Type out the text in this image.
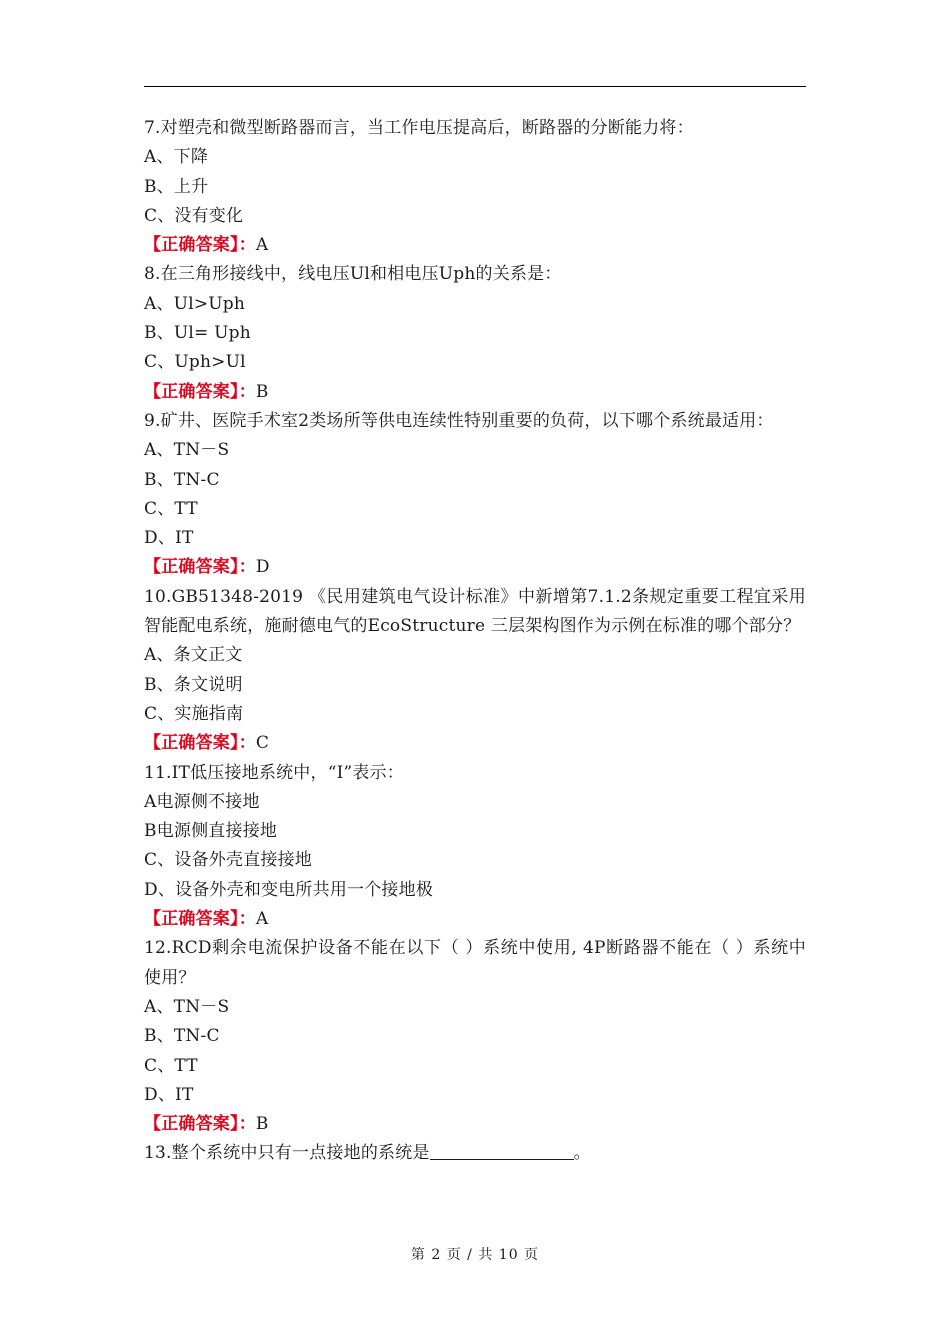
7.对塑壳和微型断路器而言，当工作电压提高后，断路器的分断能力将：
A、下降
B、上升
C、没有变化
【正确答案】：A
8.在三角形接线中，线电压Ul和相电压Uph的关系是：
A、Ul>Uph
B、Ul= Uph
C、Uph>Ul
【正确答案】：B
9.矿井、医院手术室2类场所等供电连续性特别重要的负荷，以下哪个系统最适用：
A、TN－S
B、TN-C
C、TT
D、IT
【正确答案】：D
10.GB51348-2019 《民用建筑电气设计标准》中新增第7.1.2条规定重要工程宜采用智能配电系统，施耐德电气的EcoStructure 三层架构图作为示例在标准的哪个部分？
A、条文正文
B、条文说明
C、实施指南
【正确答案】：C
11.IT低压接地系统中，“I”表示：
A电源侧不接地
B电源侧直接接地
C、设备外壳直接接地
D、设备外壳和变电所共用一个接地极
【正确答案】：A
12.RCD剩余电流保护设备不能在以下（ ）系统中使用, 4P断路器不能在（ ）系统中使用？
A、TN－S
B、TN-C
C、TT
D、IT
【正确答案】：B
13.整个系统中只有一点接地的系统是	。
第 2 页 / 共 10 页
